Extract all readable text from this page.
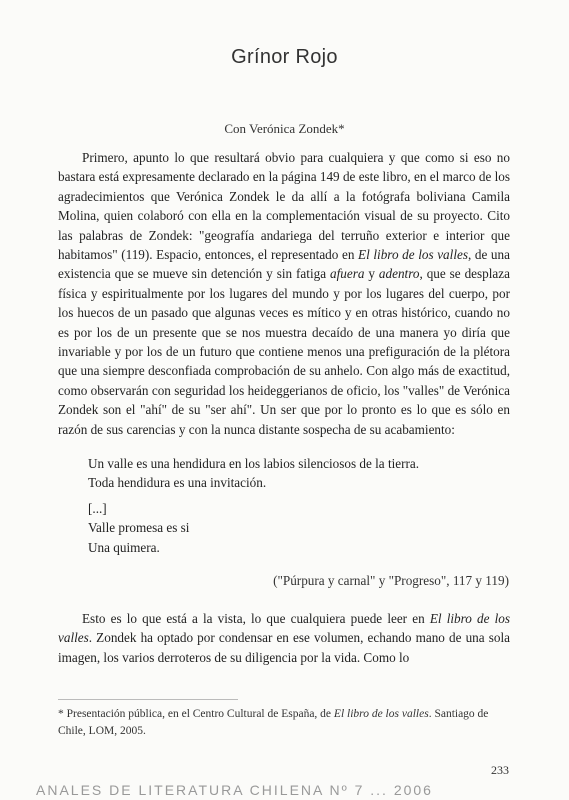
Grínor Rojo
Con Verónica Zondek*

Primero, apunto lo que resultará obvio para cualquiera y que como si eso no bastara está expresamente declarado en la página 149 de este libro, en el marco de los agradecimientos que Verónica Zondek le da allí a la fotógrafa boliviana Camila Molina, quien colaboró con ella en la complementación visual de su proyecto. Cito las palabras de Zondek: "geografía andariega del terruño exterior e interior que habitamos" (119). Espacio, entonces, el representado en El libro de los valles, de una existencia que se mueve sin detención y sin fatiga afuera y adentro, que se desplaza física y espiritualmente por los lugares del mundo y por los lugares del cuerpo, por los huecos de un pasado que algunas veces es mítico y en otras histórico, cuando no es por los de un presente que se nos muestra decaído de una manera yo diría que invariable y por los de un futuro que contiene menos una prefiguración de la plétora que una siempre desconfiada comprobación de su anhelo. Con algo más de exactitud, como observarán con seguridad los heideggerianos de oficio, los "valles" de Verónica Zondek son el "ahí" de su "ser ahí". Un ser que por lo pronto es lo que es sólo en razón de sus carencias y con la nunca distante sospecha de su acabamiento:

Un valle es una hendidura en los labios silenciosos de la tierra.
Toda hendidura es una invitación.
[...]
Valle promesa es si
Una quimera.
("Púrpura y carnal" y "Progreso", 117 y 119)

Esto es lo que está a la vista, lo que cualquiera puede leer en El libro de los valles. Zondek ha optado por condensar en ese volumen, echando mano de una sola imagen, los varios derroteros de su diligencia por la vida. Como lo

* Presentación pública, en el Centro Cultural de España, de El libro de los valles. Santiago de Chile, LOM, 2005.
233
ANALES DE LITERATURA CHILENA Nº 7 ... 2006
